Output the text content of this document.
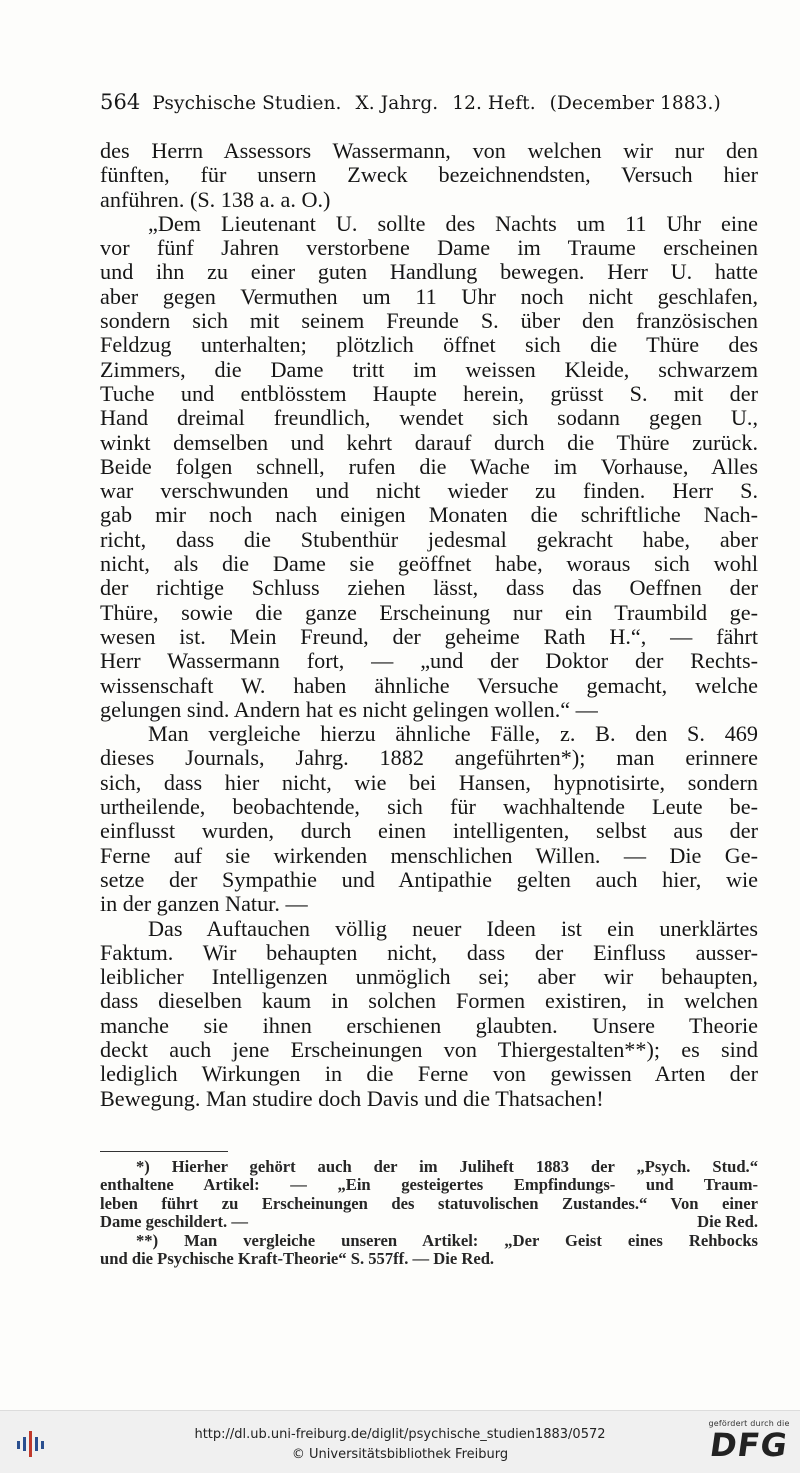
564 Psychische Studien. X. Jahrg. 12. Heft. (December 1883.)
des Herrn Assessors Wassermann, von welchen wir nur den
fünften, für unsern Zweck bezeichnendsten, Versuch hier
anführen. (S. 138 a. a. O.)
„Dem Lieutenant U. sollte des Nachts um 11 Uhr eine
vor fünf Jahren verstorbene Dame im Traume erscheinen
und ihn zu einer guten Handlung bewegen. Herr U. hatte
aber gegen Vermuthen um 11 Uhr noch nicht geschlafen,
sondern sich mit seinem Freunde S. über den französischen
Feldzug unterhalten; plötzlich öffnet sich die Thüre des
Zimmers, die Dame tritt im weissen Kleide, schwarzem
Tuche und entblösstem Haupte herein, grüsst S. mit der
Hand dreimal freundlich, wendet sich sodann gegen U.,
winkt demselben und kehrt darauf durch die Thüre zurück.
Beide folgen schnell, rufen die Wache im Vorhause, Alles
war verschwunden und nicht wieder zu finden. Herr S.
gab mir noch nach einigen Monaten die schriftliche Nach-
richt, dass die Stubenthür jedesmal gekracht habe, aber
nicht, als die Dame sie geöffnet habe, woraus sich wohl
der richtige Schluss ziehen lässt, dass das Oeffnen der
Thüre, sowie die ganze Erscheinung nur ein Traumbild ge-
wesen ist. Mein Freund, der geheime Rath H.“, — fährt
Herr Wassermann fort, — „und der Doktor der Rechts-
wissenschaft W. haben ähnliche Versuche gemacht, welche
gelungen sind. Andern hat es nicht gelingen wollen.“ —
Man vergleiche hierzu ähnliche Fälle, z. B. den S. 469
dieses Journals, Jahrg. 1882 angeführten*); man erinnere
sich, dass hier nicht, wie bei Hansen, hypnotisirte, sondern
urtheilende, beobachtende, sich für wachhaltende Leute be-
einflusst wurden, durch einen intelligenten, selbst aus der
Ferne auf sie wirkenden menschlichen Willen. — Die Ge-
setze der Sympathie und Antipathie gelten auch hier, wie
in der ganzen Natur. —
Das Auftauchen völlig neuer Ideen ist ein unerklärtes
Faktum. Wir behaupten nicht, dass der Einfluss ausser-
leiblicher Intelligenzen unmöglich sei; aber wir behaupten,
dass dieselben kaum in solchen Formen existiren, in welchen
manche sie ihnen erschienen glaubten. Unsere Theorie
deckt auch jene Erscheinungen von Thiergestalten**); es sind
lediglich Wirkungen in die Ferne von gewissen Arten der
Bewegung. Man studire doch Davis und die Thatsachen!
*) Hierher gehört auch der im Juliheft 1883 der „Psych. Stud.“
enthaltene Artikel: — „Ein gesteigertes Empfindungs- und Traum-
leben führt zu Erscheinungen des statuvolischen Zustandes.“ Von einer
Dame geschildert. —	Die Red.
**) Man vergleiche unseren Artikel: „Der Geist eines Rehbocks
und die Psychische Kraft-Theorie“ S. 557ff. — Die Red.
http://dl.ub.uni-freiburg.de/diglit/psychische_studien1883/0572
© Universitätsbibliothek Freiburg
gefördert durch die
DFG
